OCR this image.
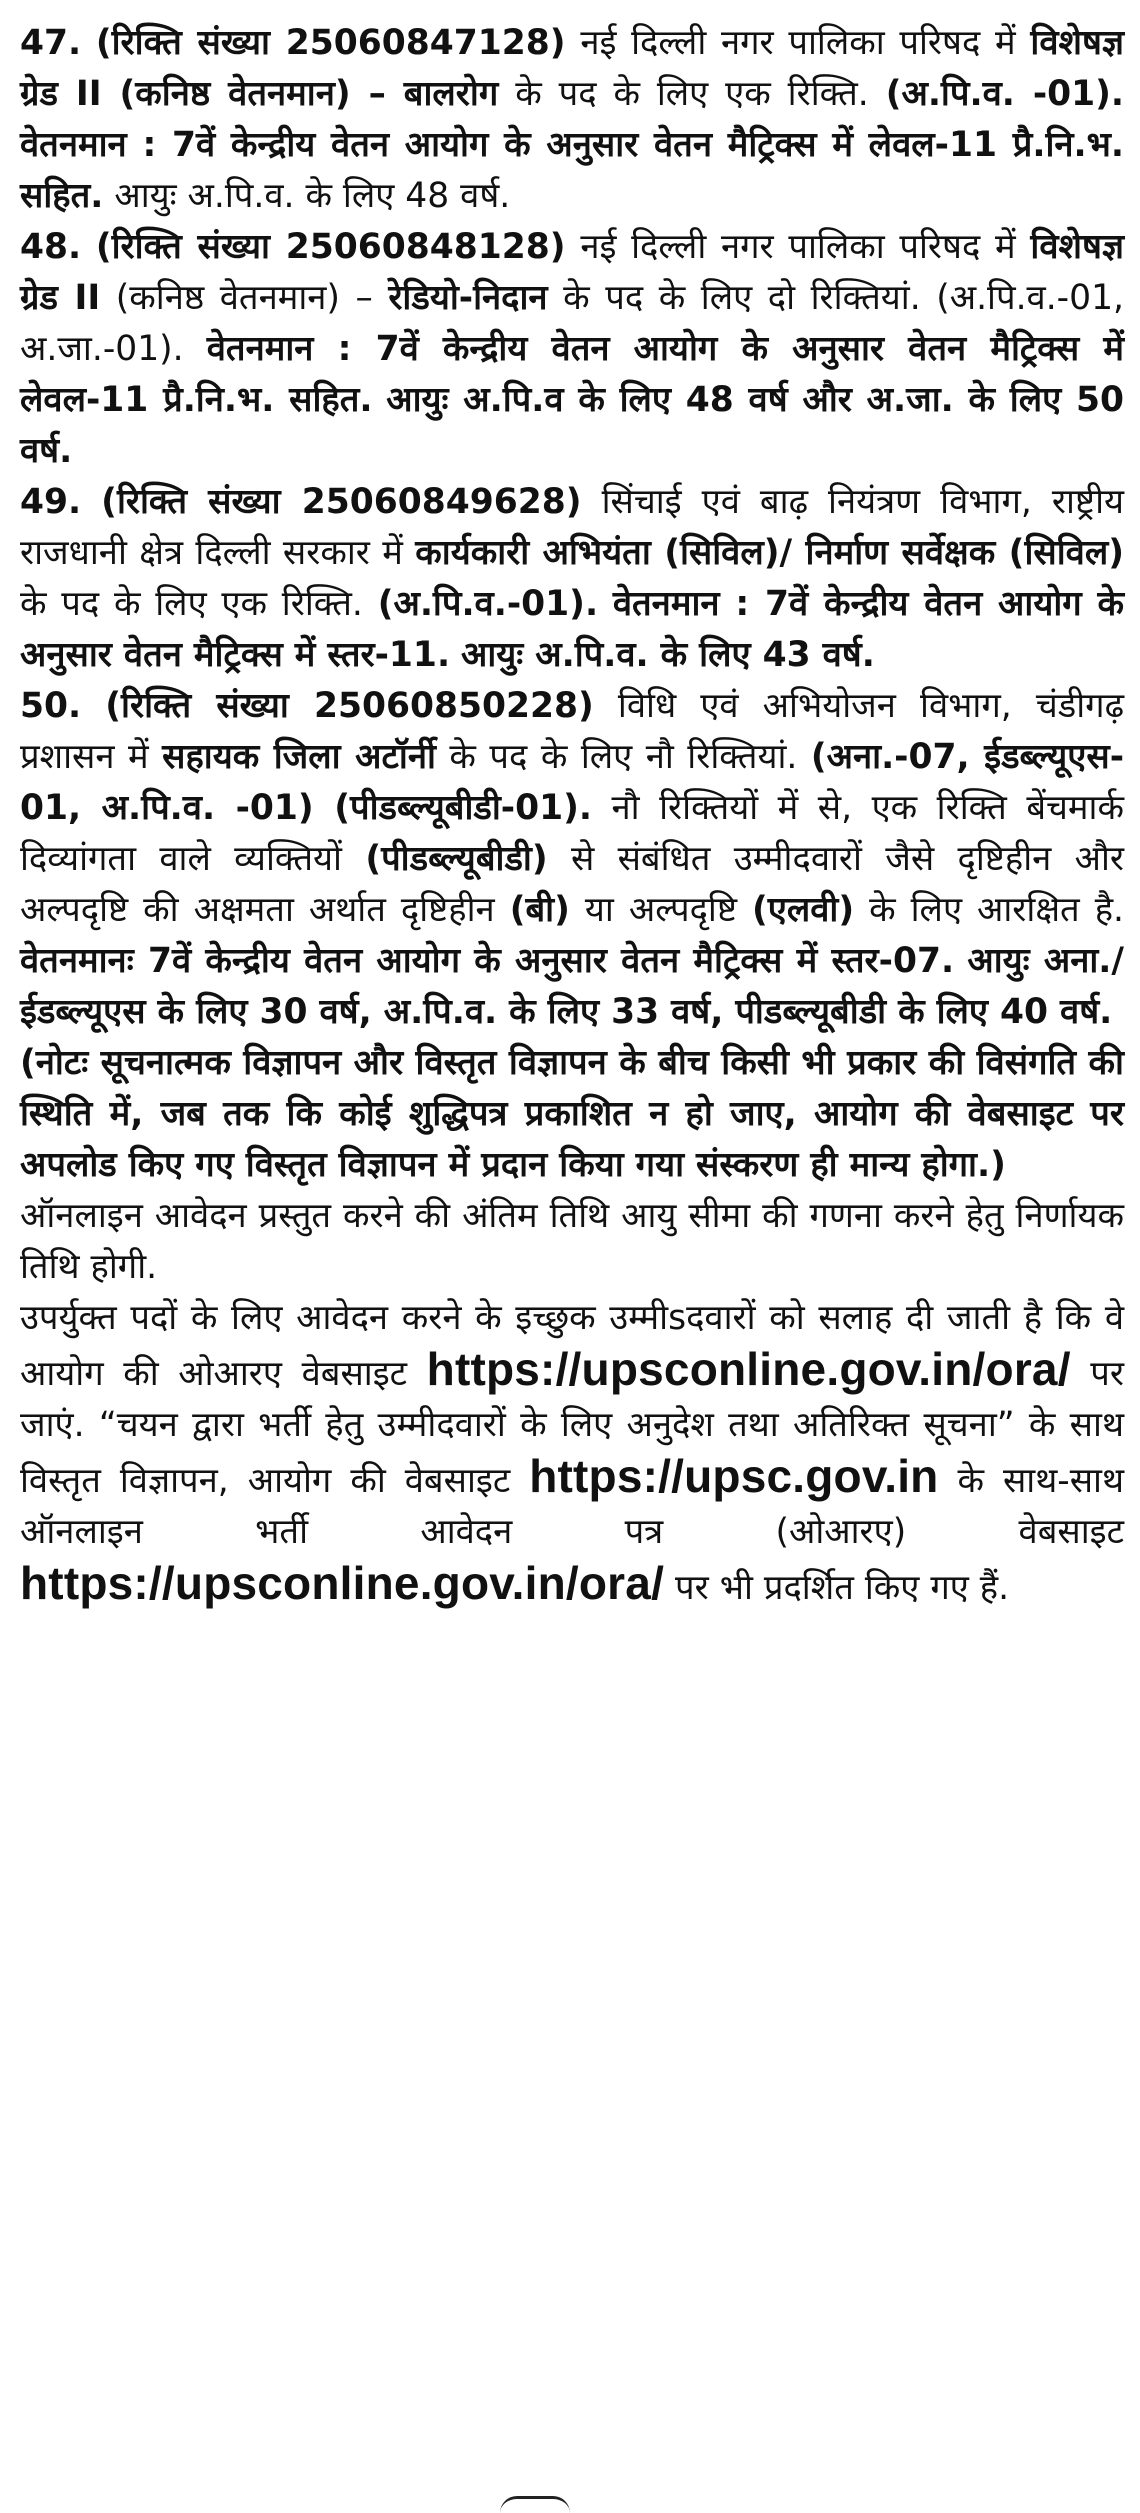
47. (रिक्ति संख्या 25060847128) नई दिल्ली नगर पालिका परिषद में विशेषज्ञ ग्रेड II (कनिष्ठ वेतनमान) – बालरोग के पद के लिए एक रिक्ति. (अ.पि.व. -01). वेतनमान : 7वें केन्द्रीय वेतन आयोग के अनुसार वेतन मैट्रिक्स में लेवल-11 प्रै.नि.भ. सहित. आयुः अ.पि.व. के लिए 48 वर्ष.

48. (रिक्ति संख्या 25060848128) नई दिल्ली नगर पालिका परिषद में विशेषज्ञ ग्रेड II (कनिष्ठ वेतनमान) – रेडियो-निदान के पद के लिए दो रिक्तियां. (अ.पि.व.-01, अ.जा.-01). वेतनमान : 7वें केन्द्रीय वेतन आयोग के अनुसार वेतन मैट्रिक्स में लेवल-11 प्रै.नि.भ. सहित. आयुः अ.पि.व के लिए 48 वर्ष और अ.जा. के लिए 50 वर्ष.

49. (रिक्ति संख्या 25060849628) सिंचाई एवं बाढ़ नियंत्रण विभाग, राष्ट्रीय राजधानी क्षेत्र दिल्ली सरकार में कार्यकारी अभियंता (सिविल)/ निर्माण सर्वेक्षक (सिविल) के पद के लिए एक रिक्ति. (अ.पि.व.-01). वेतनमान : 7वें केन्द्रीय वेतन आयोग के अनुसार वेतन मैट्रिक्स में स्तर-11. आयुः अ.पि.व. के लिए 43 वर्ष.

50. (रिक्ति संख्या 25060850228) विधि एवं अभियोजन विभाग, चंडीगढ़ प्रशासन में सहायक जिला अटॉर्नी के पद के लिए नौ रिक्तियां. (अना.-07, ईडब्ल्यूएस- 01, अ.पि.व. -01) (पीडब्ल्यूबीडी-01). नौ रिक्तियों में से, एक रिक्ति बेंचमार्क दिव्यांगता वाले व्यक्तियों (पीडब्ल्यूबीडी) से संबंधित उम्मीदवारों जैसे दृष्टिहीन और अल्पदृष्टि की अक्षमता अर्थात दृष्टिहीन (बी) या अल्पदृष्टि (एलवी) के लिए आरक्षित है. वेतनमानः 7वें केन्द्रीय वेतन आयोग के अनुसार वेतन मैट्रिक्स में स्तर-07. आयुः अना./ईडब्ल्यूएस के लिए 30 वर्ष, अ.पि.व. के लिए 33 वर्ष, पीडब्ल्यूबीडी के लिए 40 वर्ष.

(नोटः सूचनात्मक विज्ञापन और विस्तृत विज्ञापन के बीच किसी भी प्रकार की विसंगति की स्थिति में, जब तक कि कोई शुद्धिपत्र प्रकाशित न हो जाए, आयोग की वेबसाइट पर अपलोड किए गए विस्तृत विज्ञापन में प्रदान किया गया संस्करण ही मान्य होगा.)

ऑनलाइन आवेदन प्रस्तुत करने की अंतिम तिथि आयु सीमा की गणना करने हेतु निर्णायक तिथि होगी.

उपर्युक्त पदों के लिए आवेदन करने के इच्छुक उम्मीsदवारों को सलाह दी जाती है कि वे आयोग की ओआरए वेबसाइट https://upsconline.gov.in/ora/ पर जाएं. “चयन द्वारा भर्ती हेतु उम्मीदवारों के लिए अनुदेश तथा अतिरिक्त सूचना” के साथ विस्तृत विज्ञापन, आयोग की वेबसाइट https://upsc.gov.in के साथ-साथ ऑनलाइन भर्ती आवेदन पत्र (ओआरए) वेबसाइट https://upsconline.gov.in/ora/ पर भी प्रदर्शित किए गए हैं.
